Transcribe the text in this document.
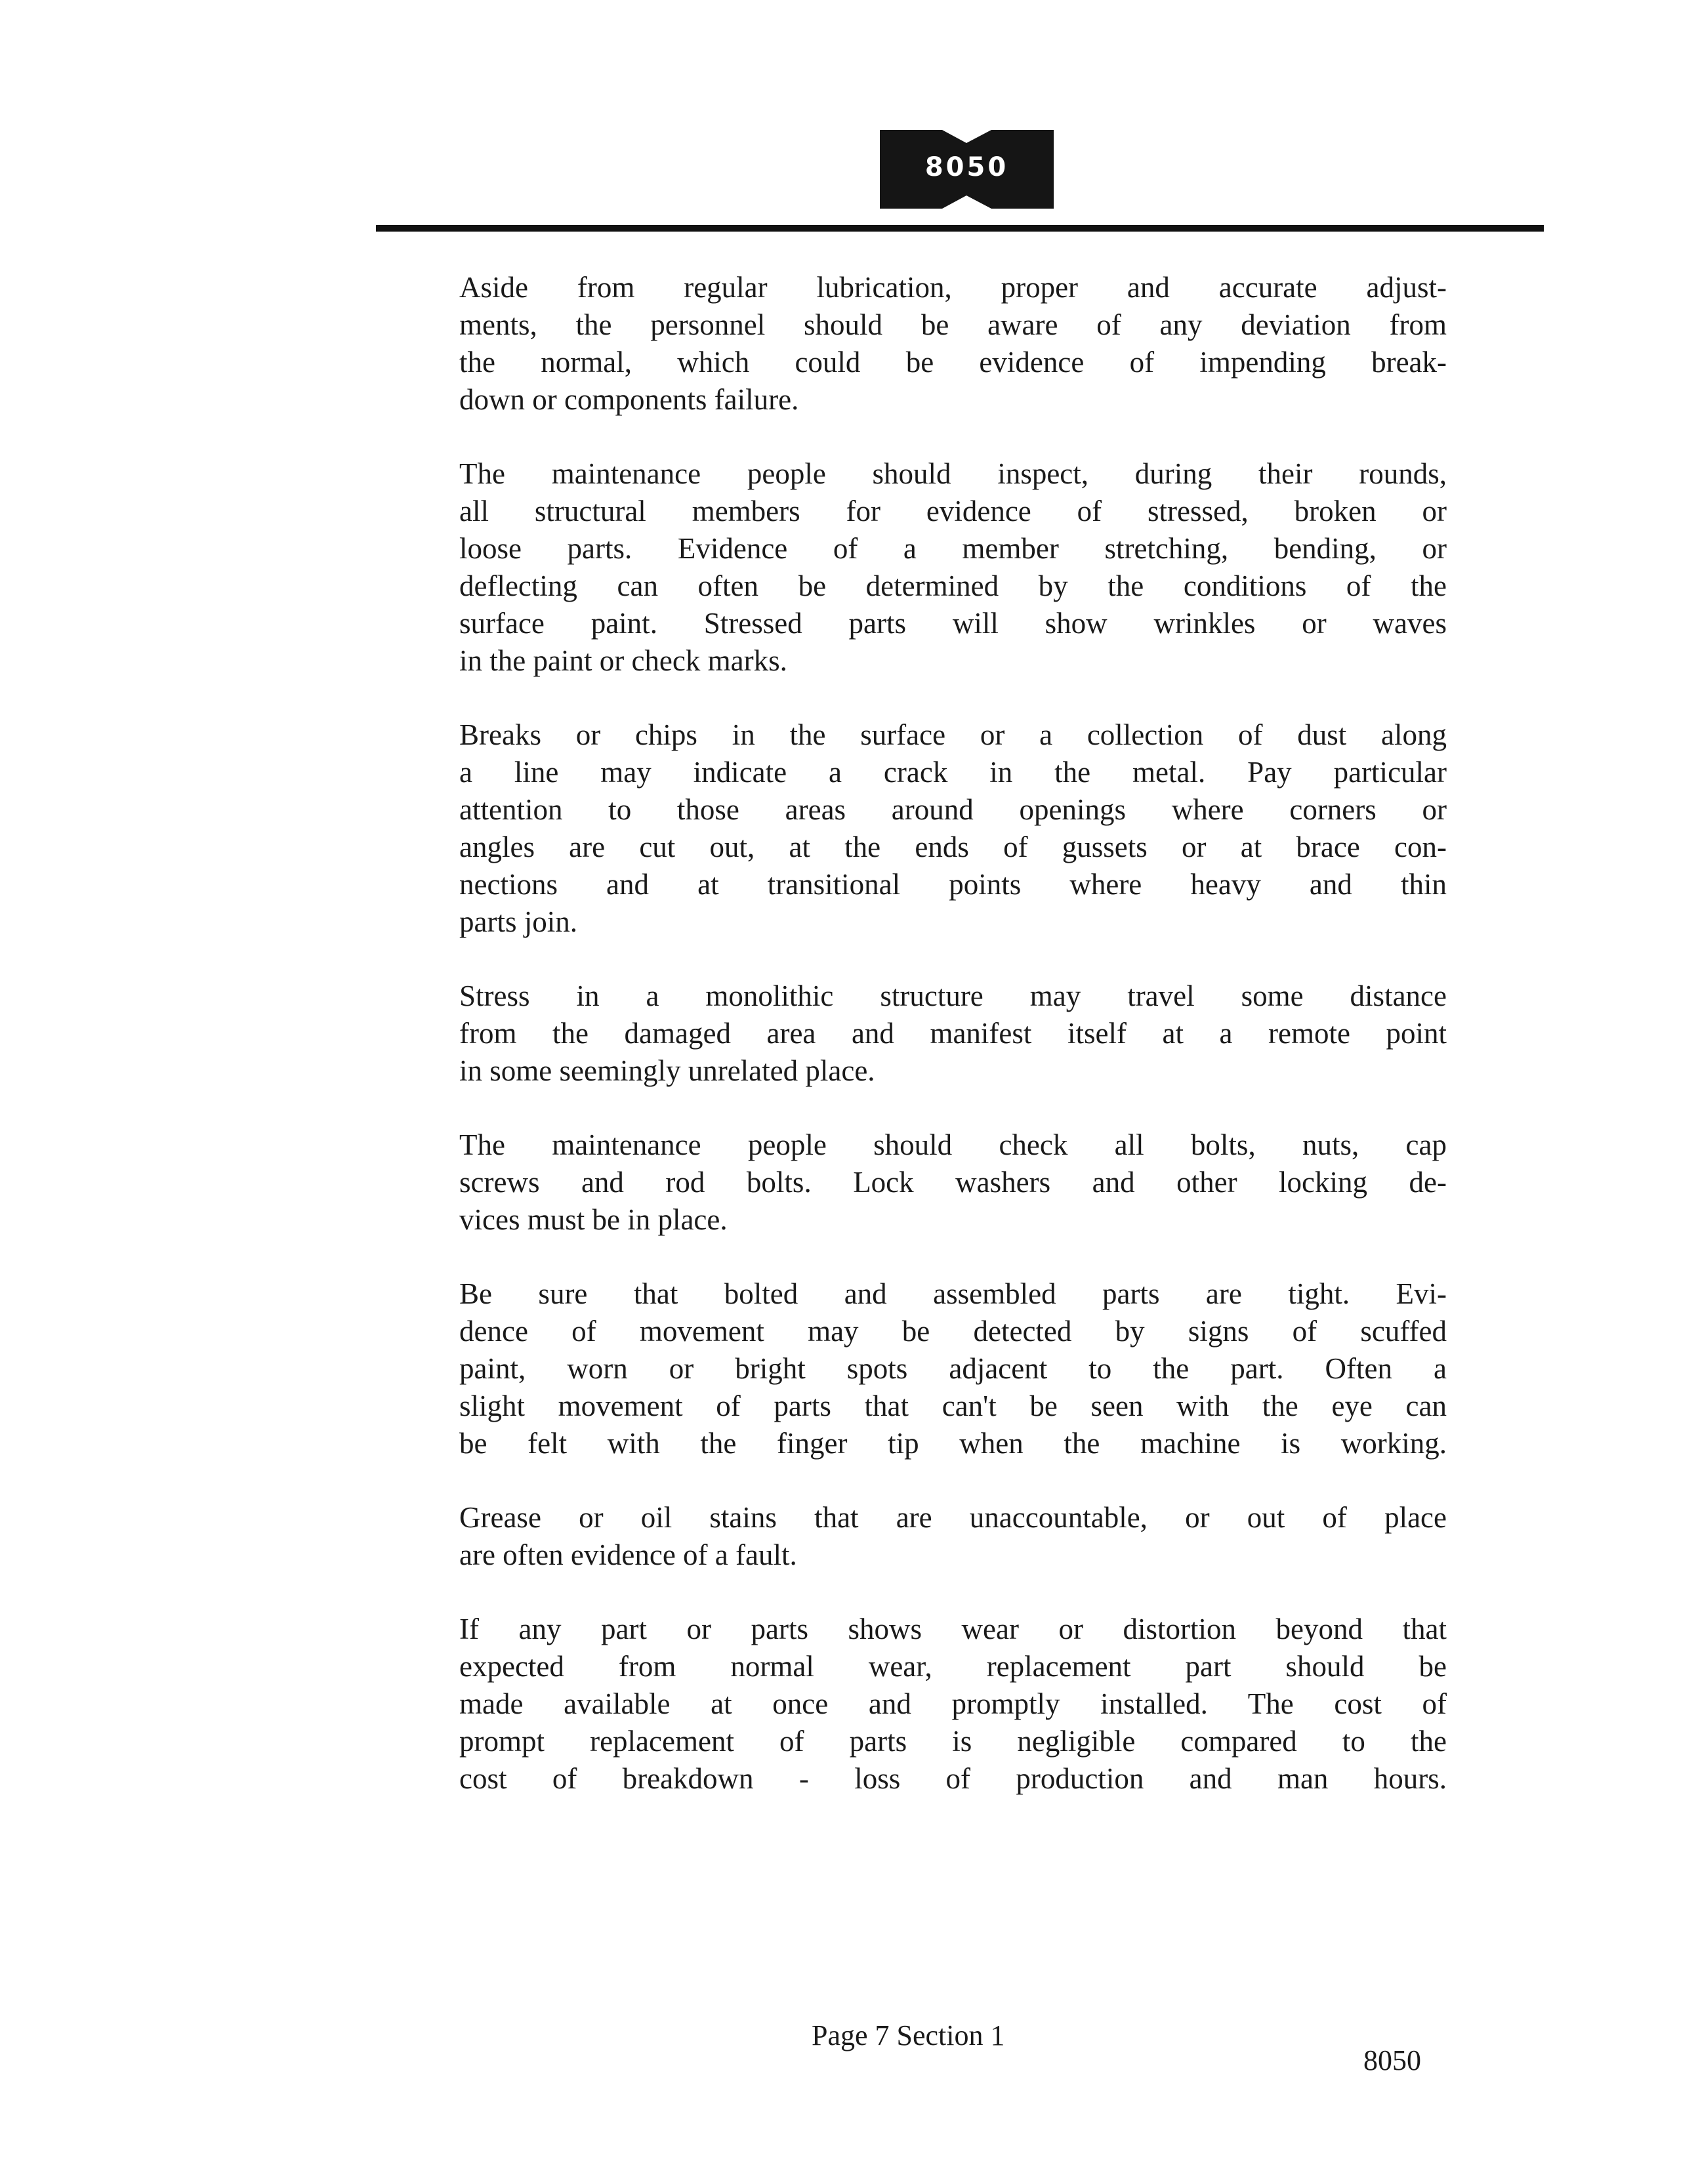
8050
Aside from regular lubrication, proper and accurate adjust-
ments, the personnel should be aware of any deviation from
the normal, which could be evidence of impending break-
down or components failure.
The maintenance people should inspect, during their rounds,
all structural members for evidence of stressed, broken or
loose parts. Evidence of a member stretching, bending, or
deflecting can often be determined by the conditions of the
surface paint. Stressed parts will show wrinkles or waves
in the paint or check marks.
Breaks or chips in the surface or a collection of dust along
a line may indicate a crack in the metal. Pay particular
attention to those areas around openings where corners or
angles are cut out, at the ends of gussets or at brace con-
nections and at transitional points where heavy and thin
parts join.
Stress in a monolithic structure may travel some distance
from the damaged area and manifest itself at a remote point
in some seemingly unrelated place.
The maintenance people should check all bolts, nuts, cap
screws and rod bolts. Lock washers and other locking de-
vices must be in place.
Be sure that bolted and assembled parts are tight. Evi-
dence of movement may be detected by signs of scuffed
paint, worn or bright spots adjacent to the part. Often a
slight movement of parts that can't be seen with the eye can
be felt with the finger tip when the machine is working.
Grease or oil stains that are unaccountable, or out of place
are often evidence of a fault.
If any part or parts shows wear or distortion beyond that
expected from normal wear, replacement part should be
made available at once and promptly installed. The cost of
prompt replacement of parts is negligible compared to the
cost of breakdown - loss of production and man hours.
Page 7 Section 1
8050
